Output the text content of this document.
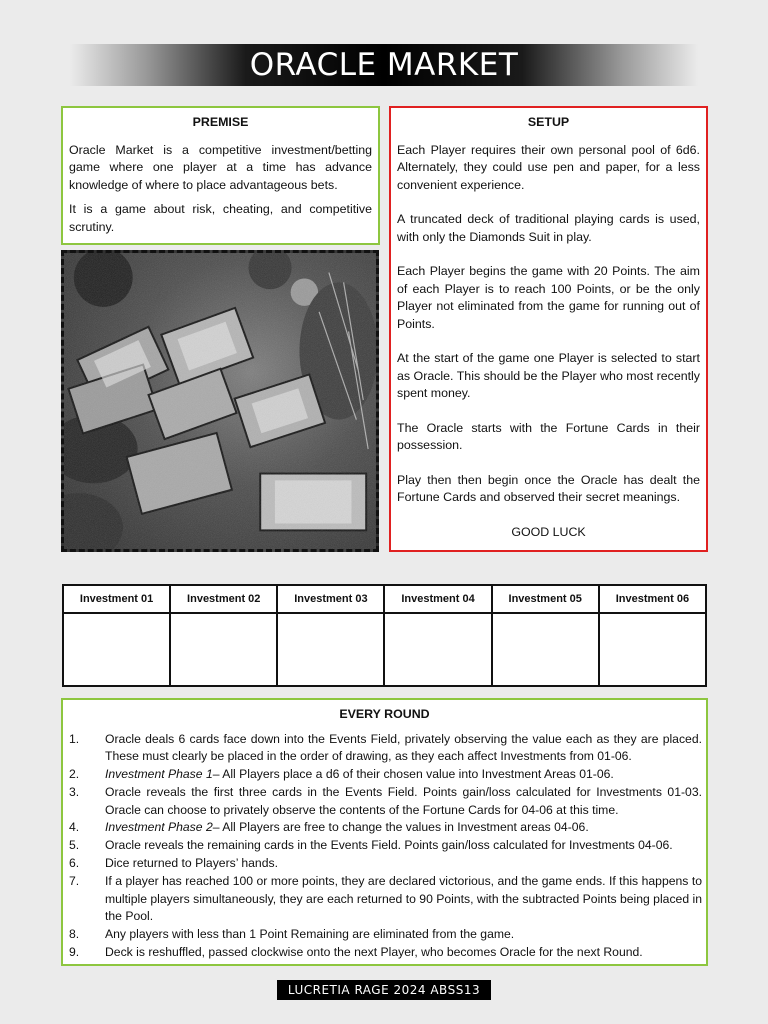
ORACLE MARKET
PREMISE

Oracle Market is a competitive investment/betting game where one player at a time has advance knowledge of where to place advantageous bets.

It is a game about risk, cheating, and competitive scrutiny.

SETUP

Each Player requires their own personal pool of 6d6. Alternately, they could use pen and paper, for a less convenient experience.

A truncated deck of traditional playing cards is used, with only the Diamonds Suit in play.

Each Player begins the game with 20 Points. The aim of each Player is to reach 100 Points, or be the only Player not eliminated from the game for running out of Points.

At the start of the game one Player is selected to start as Oracle. This should be the Player who most recently spent money.

The Oracle starts with the Fortune Cards in their possession.

Play then then begin once the Oracle has dealt the Fortune Cards and observed their secret meanings.

GOOD LUCK

Investment 01	Investment 02	Investment 03	Investment 04	Investment 05	Investment 06

EVERY ROUND
1.	Oracle deals 6 cards face down into the Events Field, privately observing the value each as they are placed. These must clearly be placed in the order of drawing, as they each affect Investments from 01-06.
2.	Investment Phase 1– All Players place a d6 of their chosen value into Investment Areas 01-06.
3.	Oracle reveals the first three cards in the Events Field. Points gain/loss calculated for Investments 01-03. Oracle can choose to privately observe the contents of the Fortune Cards for 04-06 at this time.
4.	Investment Phase 2– All Players are free to change the values in Investment areas 04-06.
5.	Oracle reveals the remaining cards in the Events Field. Points gain/loss calculated for Investments 04-06.
6.	Dice returned to Players’ hands.
7.	If a player has reached 100 or more points, they are declared victorious, and the game ends. If this happens to multiple players simultaneously, they are each returned to 90 Points, with the subtracted Points being placed in the Pool.
8.	Any players with less than 1 Point Remaining are eliminated from the game.
9.	Deck is reshuffled, passed clockwise onto the next Player, who becomes Oracle for the next Round.
LUCRETIA RAGE 2024 ABSS13
